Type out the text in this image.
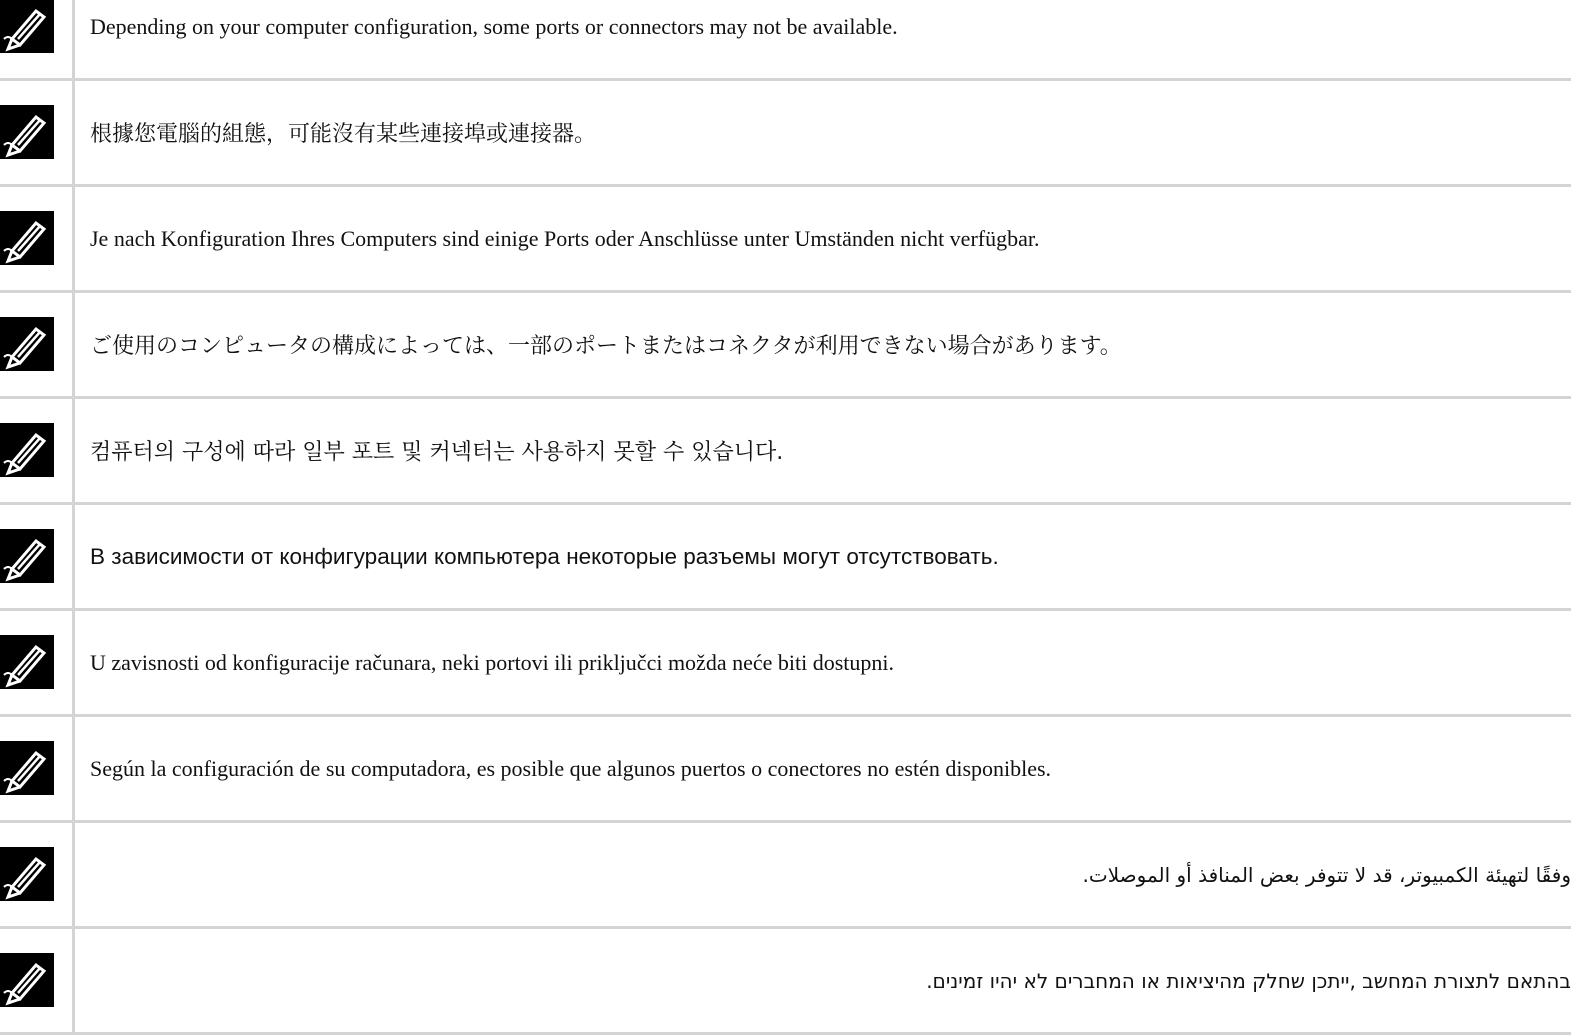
Depending on your computer configuration, some ports or connectors may not be available.
根據您電腦的組態，可能沒有某些連接埠或連接器。
Je nach Konfiguration Ihres Computers sind einige Ports oder Anschlüsse unter Umständen nicht verfügbar.
ご使用のコンピュータの構成によっては、一部のポートまたはコネクタが利用できない場合があります。
컴퓨터의 구성에 따라 일부 포트 및 커넥터는 사용하지 못할 수 있습니다.
В зависимости от конфигурации компьютера некоторые разъемы могут отсутствовать.
U zavisnosti od konfiguracije računara, neki portovi ili priključci možda neće biti dostupni.
Según la configuración de su computadora, es posible que algunos puertos o conectores no estén disponibles.
وفقًا لتهيئة الكمبيوتر، قد لا تتوفر بعض المنافذ أو الموصلات.
בהתאם לתצורת המחשב ,ייתכן שחלק מהיציאות או המחברים לא יהיו זמינים.
